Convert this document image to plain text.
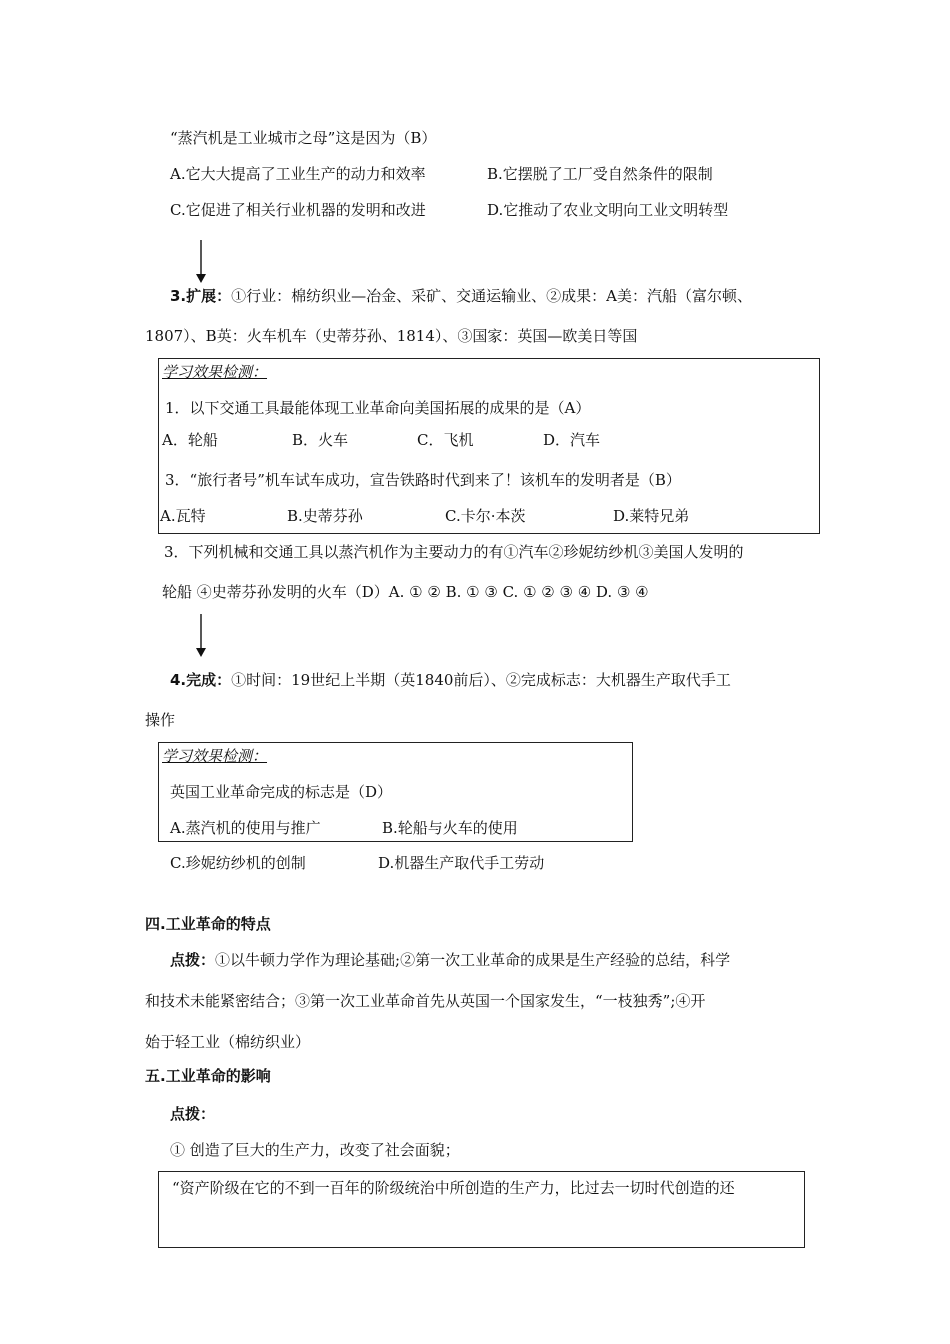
“蒸汽机是工业城市之母”这是因为（B）
A.它大大提高了工业生产的动力和效率	B.它摆脱了工厂受自然条件的限制
C.它促进了相关行业机器的发明和改进	D.它推动了农业文明向工业文明转型
3.扩展：①行业：棉纺织业—冶金、采矿、交通运输业、②成果：A美：汽船（富尔顿、
1807）、B英：火车机车（史蒂芬孙、1814）、③国家：英国—欧美日等国
学习效果检测：
1．以下交通工具最能体现工业革命向美国拓展的成果的是（A）
A．轮船	B．火车	C．飞机	D．汽车
3．“旅行者号”机车试车成功，宣告铁路时代到来了！该机车的发明者是（B）
A.瓦特	B.史蒂芬孙	C.卡尔·本茨	D.莱特兄弟
3．下列机械和交通工具以蒸汽机作为主要动力的有①汽车②珍妮纺纱机③美国人发明的
轮船 ④史蒂芬孙发明的火车（D）A. ① ② B. ① ③ C. ① ② ③ ④ D. ③ ④
4.完成：①时间：19世纪上半期（英1840前后）、②完成标志：大机器生产取代手工
操作
学习效果检测：
英国工业革命完成的标志是（D）
A.蒸汽机的使用与推广	B.轮船与火车的使用
C.珍妮纺纱机的创制	D.机器生产取代手工劳动
四.工业革命的特点
点拨：①以牛顿力学作为理论基础;②第一次工业革命的成果是生产经验的总结，科学
和技术未能紧密结合；③第一次工业革命首先从英国一个国家发生，“一枝独秀”;④开
始于轻工业（棉纺织业）
五.工业革命的影响
点拨：
① 创造了巨大的生产力，改变了社会面貌；
“资产阶级在它的不到一百年的阶级统治中所创造的生产力，比过去一切时代创造的还
